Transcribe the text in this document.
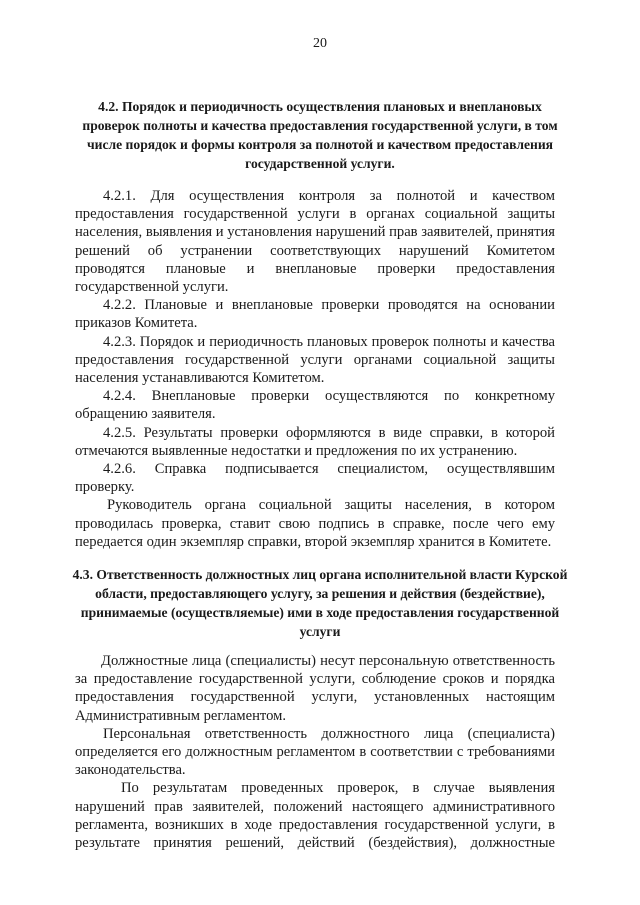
20
4.2. Порядок и периодичность осуществления плановых и внеплановых проверок полноты и качества предоставления государственной услуги, в том числе порядок и формы контроля за полнотой и качеством предоставления государственной услуги.

4.2.1. Для осуществления контроля за полнотой и качеством предоставления государственной услуги в органах социальной защиты населения, выявления и установления нарушений прав заявителей, принятия решений об устранении соответствующих нарушений Комитетом проводятся плановые и внеплановые проверки предоставления государственной услуги.

4.2.2. Плановые и внеплановые проверки проводятся на основании приказов Комитета.

4.2.3. Порядок и периодичность плановых проверок полноты и качества предоставления государственной услуги органами социальной защиты населения устанавливаются Комитетом.

4.2.4. Внеплановые проверки осуществляются по конкретному обращению заявителя.

4.2.5. Результаты проверки оформляются в виде справки, в которой отмечаются выявленные недостатки и предложения по их устранению.

4.2.6. Справка подписывается специалистом, осуществлявшим проверку.

Руководитель органа социальной защиты населения, в котором проводилась проверка, ставит свою подпись в справке, после чего ему передается один экземпляр справки, второй экземпляр хранится в Комитете.

4.3. Ответственность должностных лиц органа исполнительной власти Курской области, предоставляющего услугу, за решения и действия (бездействие), принимаемые (осуществляемые) ими в ходе предоставления государственной услуги

Должностные лица (специалисты) несут персональную ответственность за предоставление государственной услуги, соблюдение сроков и порядка предоставления государственной услуги, установленных настоящим Административным регламентом.

Персональная ответственность должностного лица (специалиста) определяется его должностным регламентом в соответствии с требованиями законодательства.

По результатам проведенных проверок, в случае выявления нарушений прав заявителей, положений настоящего административного регламента, возникших в ходе предоставления государственной услуги, в результате принятия решений, действий (бездействия), должностные
